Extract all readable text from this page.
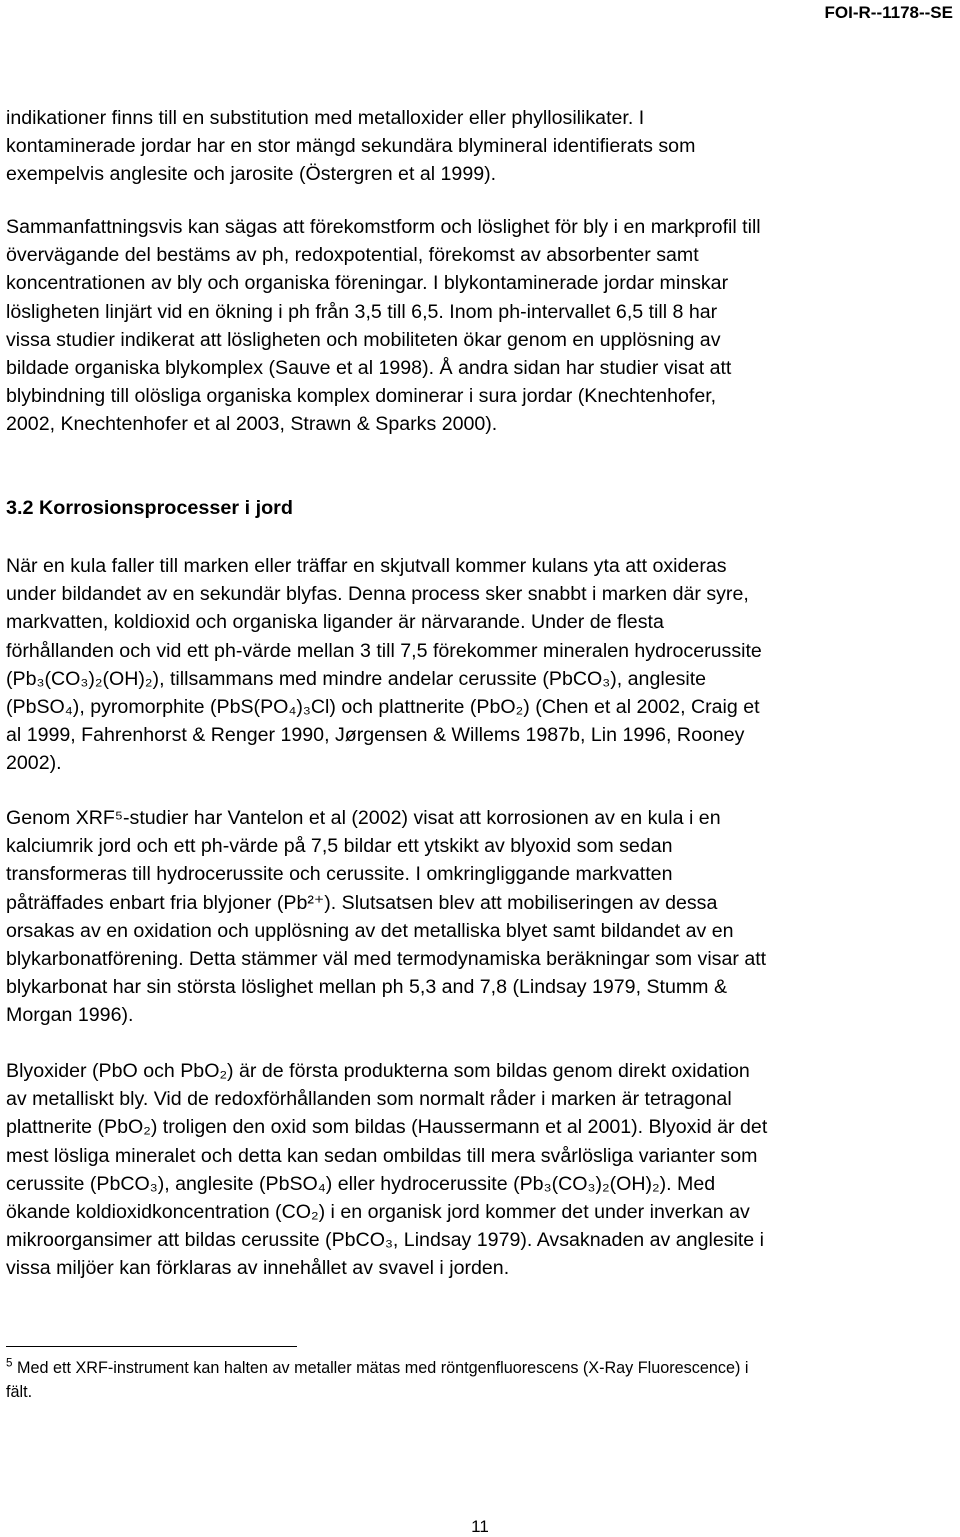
FOI-R--1178--SE

indikationer finns till en substitution med metalloxider eller phyllosilikater. I
kontaminerade jordar har en stor mängd sekundära blymineral identifierats som
exempelvis anglesite och jarosite (Östergren et al 1999).

Sammanfattningsvis kan sägas att förekomstform och löslighet för bly i en markprofil till
övervägande del bestäms av ph, redoxpotential, förekomst av absorbenter samt
koncentrationen av bly och organiska föreningar. I blykontaminerade jordar minskar
lösligheten linjärt vid en ökning i ph från 3,5 till 6,5. Inom ph-intervallet 6,5 till 8 har
vissa studier indikerat att lösligheten och mobiliteten ökar genom en upplösning av
bildade organiska blykomplex (Sauve et al 1998). Å andra sidan har studier visat att
blybindning till olösliga organiska komplex dominerar i sura jordar (Knechtenhofer,
2002, Knechtenhofer et al 2003, Strawn & Sparks 2000).

3.2 Korrosionsprocesser i jord

När en kula faller till marken eller träffar en skjutvall kommer kulans yta att oxideras
under bildandet av en sekundär blyfas. Denna process sker snabbt i marken där syre,
markvatten, koldioxid och organiska ligander är närvarande. Under de flesta
förhållanden och vid ett ph-värde mellan 3 till 7,5 förekommer mineralen hydrocerussite
(Pb₃(CO₃)₂(OH)₂), tillsammans med mindre andelar cerussite (PbCO₃), anglesite
(PbSO₄), pyromorphite (PbS(PO₄)₃Cl) och plattnerite (PbO₂) (Chen et al 2002, Craig et
al 1999, Fahrenhorst & Renger 1990, Jørgensen & Willems 1987b, Lin 1996, Rooney
2002).

Genom XRF⁵-studier har Vantelon et al (2002) visat att korrosionen av en kula i en
kalciumrik jord och ett ph-värde på 7,5 bildar ett ytskikt av blyoxid som sedan
transformeras till hydrocerussite och cerussite. I omkringliggande markvatten
påträffades enbart fria blyjoner (Pb²⁺). Slutsatsen blev att mobiliseringen av dessa
orsakas av en oxidation och upplösning av det metalliska blyet samt bildandet av en
blykarbonatförening. Detta stämmer väl med termodynamiska beräkningar som visar att
blykarbonat har sin största löslighet mellan ph 5,3 and 7,8 (Lindsay 1979, Stumm &
Morgan 1996).

Blyoxider (PbO och PbO₂) är de första produkterna som bildas genom direkt oxidation
av metalliskt bly. Vid de redoxförhållanden som normalt råder i marken är tetragonal
plattnerite (PbO₂) troligen den oxid som bildas (Haussermann et al 2001). Blyoxid är det
mest lösliga mineralet och detta kan sedan ombildas till mera svårlösliga varianter som
cerussite (PbCO₃), anglesite (PbSO₄) eller hydrocerussite (Pb₃(CO₃)₂(OH)₂). Med
ökande koldioxidkoncentration (CO₂) i en organisk jord kommer det under inverkan av
mikroorgansimer att bildas cerussite (PbCO₃, Lindsay 1979). Avsaknaden av anglesite i
vissa miljöer kan förklaras av innehållet av svavel i jorden.

$^5$ Med ett XRF-instrument kan halten av metaller mätas med röntgenfluorescens (X-Ray Fluorescence) i
fält.
11
